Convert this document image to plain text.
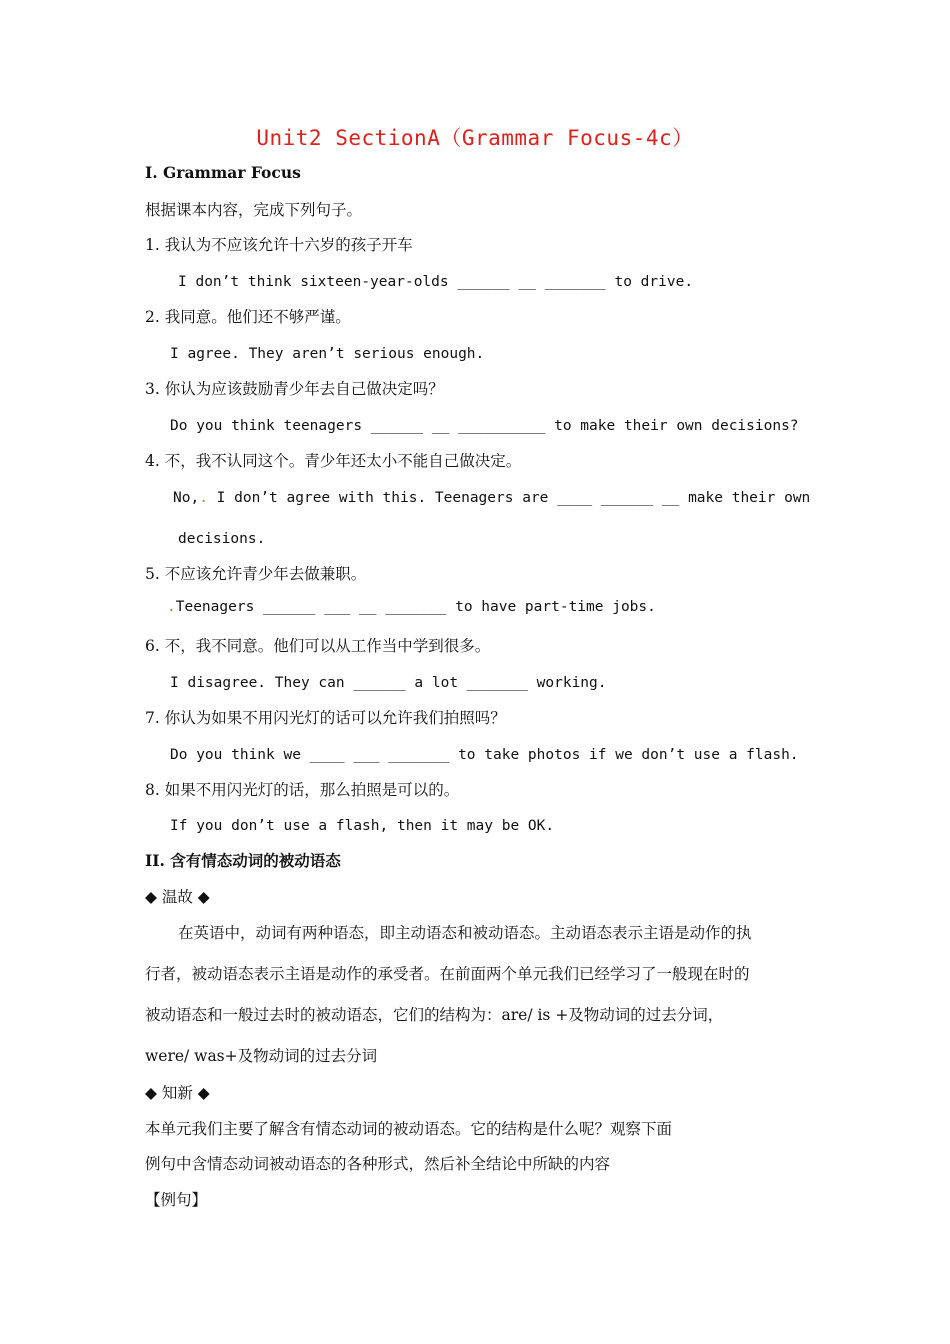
Unit2 SectionA（Grammar Focus-4c）
I. Grammar Focus
根据课本内容，完成下列句子。
1. 我认为不应该允许十六岁的孩子开车
I don’t think sixteen-year-olds ______ __ _______ to drive.
2. 我同意。他们还不够严谨。
I agree. They aren’t serious enough.
3. 你认为应该鼓励青少年去自己做决定吗？
Do you think teenagers ______ __ __________ to make their own decisions?
4. 不，我不认同这个。青少年还太小不能自己做决定。
No,. I don’t agree with this. Teenagers are ____ ______ __ make their own
decisions.
5. 不应该允许青少年去做兼职。
.Teenagers ______ ___ __ _______ to have part-time jobs.
6. 不，我不同意。他们可以从工作当中学到很多。
I disagree. They can ______ a lot _______ working.
7. 你认为如果不用闪光灯的话可以允许我们拍照吗？
Do you think we ____ ___ _______ to take photos if we don’t use a flash.
8. 如果不用闪光灯的话，那么拍照是可以的。
If you don’t use a flash, then it may be OK.
II. 含有情态动词的被动语态
◆ 温故 ◆
在英语中，动词有两种语态，即主动语态和被动语态。主动语态表示主语是动作的执
行者，被动语态表示主语是动作的承受者。在前面两个单元我们已经学习了一般现在时的
被动语态和一般过去时的被动语态，它们的结构为：are/ is +及物动词的过去分词，
were/ was+及物动词的过去分词
◆ 知新 ◆
本单元我们主要了解含有情态动词的被动语态。它的结构是什么呢？观察下面
例句中含情态动词被动语态的各种形式，然后补全结论中所缺的内容
【例句】
